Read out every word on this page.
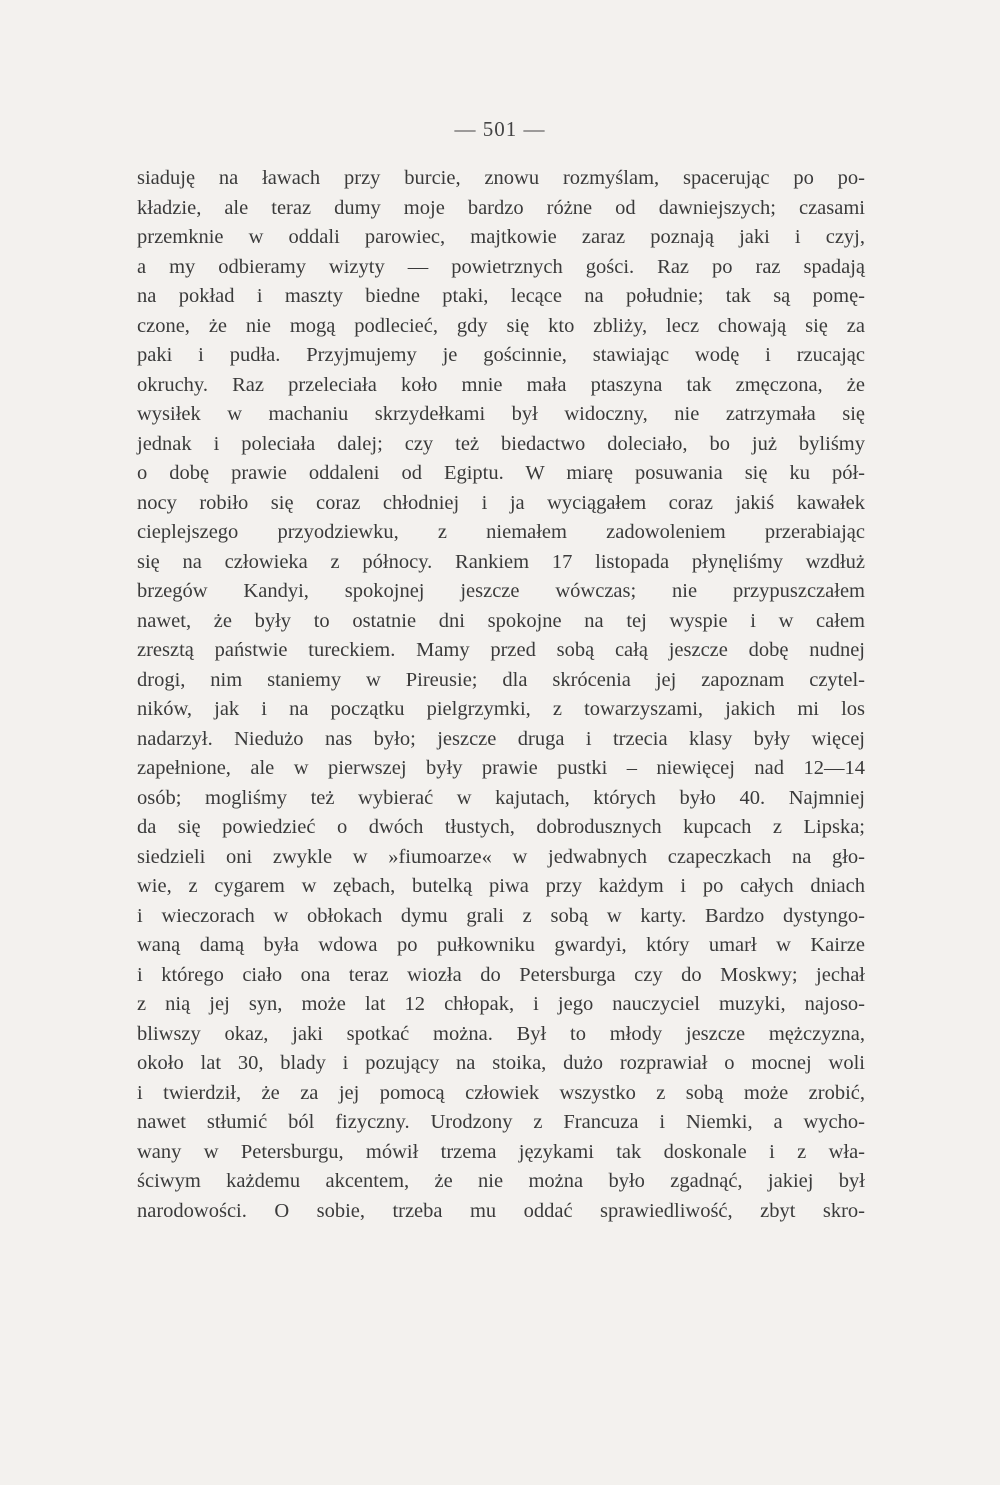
— 501 —
siaduję na ławach przy burcie, znowu rozmyślam, spacerując po po-
kładzie, ale teraz dumy moje bardzo różne od dawniejszych; czasami
przemknie w oddali parowiec, majtkowie zaraz poznają jaki i czyj,
a my odbieramy wizyty — powietrznych gości. Raz po raz spadają
na pokład i maszty biedne ptaki, lecące na południe; tak są pomę-
czone, że nie mogą podlecieć, gdy się kto zbliży, lecz chowają się za
paki i pudła. Przyjmujemy je gościnnie, stawiając wodę i rzucając
okruchy. Raz przeleciała koło mnie mała ptaszyna tak zmęczona, że
wysiłek w machaniu skrzydełkami był widoczny, nie zatrzymała się
jednak i poleciała dalej; czy też biedactwo doleciało, bo już byliśmy
o dobę prawie oddaleni od Egiptu. W miarę posuwania się ku pół-
nocy robiło się coraz chłodniej i ja wyciągałem coraz jakiś kawałek
cieplejszego przyodziewku, z niemałem zadowoleniem przerabiając
się na człowieka z północy. Rankiem 17 listopada płynęliśmy wzdłuż
brzegów Kandyi, spokojnej jeszcze wówczas; nie przypuszczałem
nawet, że były to ostatnie dni spokojne na tej wyspie i w całem
zresztą państwie tureckiem. Mamy przed sobą całą jeszcze dobę nudnej
drogi, nim staniemy w Pireusie; dla skrócenia jej zapoznam czytel-
ników, jak i na początku pielgrzymki, z towarzyszami, jakich mi los
nadarzył. Niedużo nas było; jeszcze druga i trzecia klasy były więcej
zapełnione, ale w pierwszej były prawie pustki – niewięcej nad 12—14
osób; mogliśmy też wybierać w kajutach, których było 40. Najmniej
da się powiedzieć o dwóch tłustych, dobrodusznych kupcach z Lipska;
siedzieli oni zwykle w »fiumoarze« w jedwabnych czapeczkach na gło-
wie, z cygarem w zębach, butelką piwa przy każdym i po całych dniach
i wieczorach w obłokach dymu grali z sobą w karty. Bardzo dystyngo-
waną damą była wdowa po pułkowniku gwardyi, który umarł w Kairze
i którego ciało ona teraz wiozła do Petersburga czy do Moskwy; jechał
z nią jej syn, może lat 12 chłopak, i jego nauczyciel muzyki, najoso-
bliwszy okaz, jaki spotkać można. Był to młody jeszcze mężczyzna,
około lat 30, blady i pozujący na stoika, dużo rozprawiał o mocnej woli
i twierdził, że za jej pomocą człowiek wszystko z sobą może zrobić,
nawet stłumić ból fizyczny. Urodzony z Francuza i Niemki, a wycho-
wany w Petersburgu, mówił trzema językami tak doskonale i z wła-
ściwym każdemu akcentem, że nie można było zgadnąć, jakiej był
narodowości. O sobie, trzeba mu oddać sprawiedliwość, zbyt skro-
